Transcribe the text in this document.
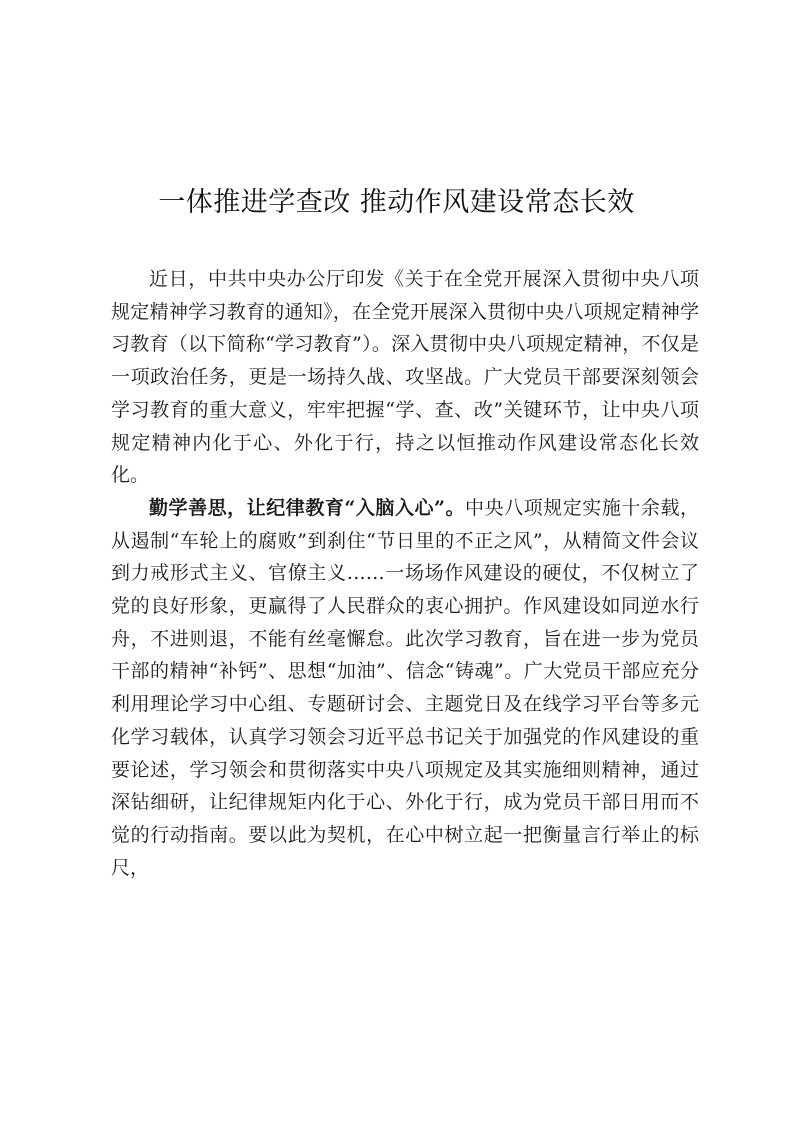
一体推进学查改 推动作风建设常态长效

近日，中共中央办公厅印发《关于在全党开展深入贯彻中央八项规定精神学习教育的通知》，在全党开展深入贯彻中央八项规定精神学习教育（以下简称“学习教育”）。深入贯彻中央八项规定精神，不仅是一项政治任务，更是一场持久战、攻坚战。广大党员干部要深刻领会学习教育的重大意义，牢牢把握“学、查、改”关键环节，让中央八项规定精神内化于心、外化于行，持之以恒推动作风建设常态化长效化。

勤学善思，让纪律教育“入脑入心”。中央八项规定实施十余载，从遏制“车轮上的腐败”到刹住“节日里的不正之风”，从精简文件会议到力戒形式主义、官僚主义……一场场作风建设的硬仗，不仅树立了党的良好形象，更赢得了人民群众的衷心拥护。作风建设如同逆水行舟，不进则退，不能有丝毫懈怠。此次学习教育，旨在进一步为党员干部的精神“补钙”、思想“加油”、信念“铸魂”。广大党员干部应充分利用理论学习中心组、专题研讨会、主题党日及在线学习平台等多元化学习载体，认真学习领会习近平总书记关于加强党的作风建设的重要论述，学习领会和贯彻落实中央八项规定及其实施细则精神，通过深钻细研，让纪律规矩内化于心、外化于行，成为党员干部日用而不觉的行动指南。要以此为契机，在心中树立起一把衡量言行举止的标尺，
